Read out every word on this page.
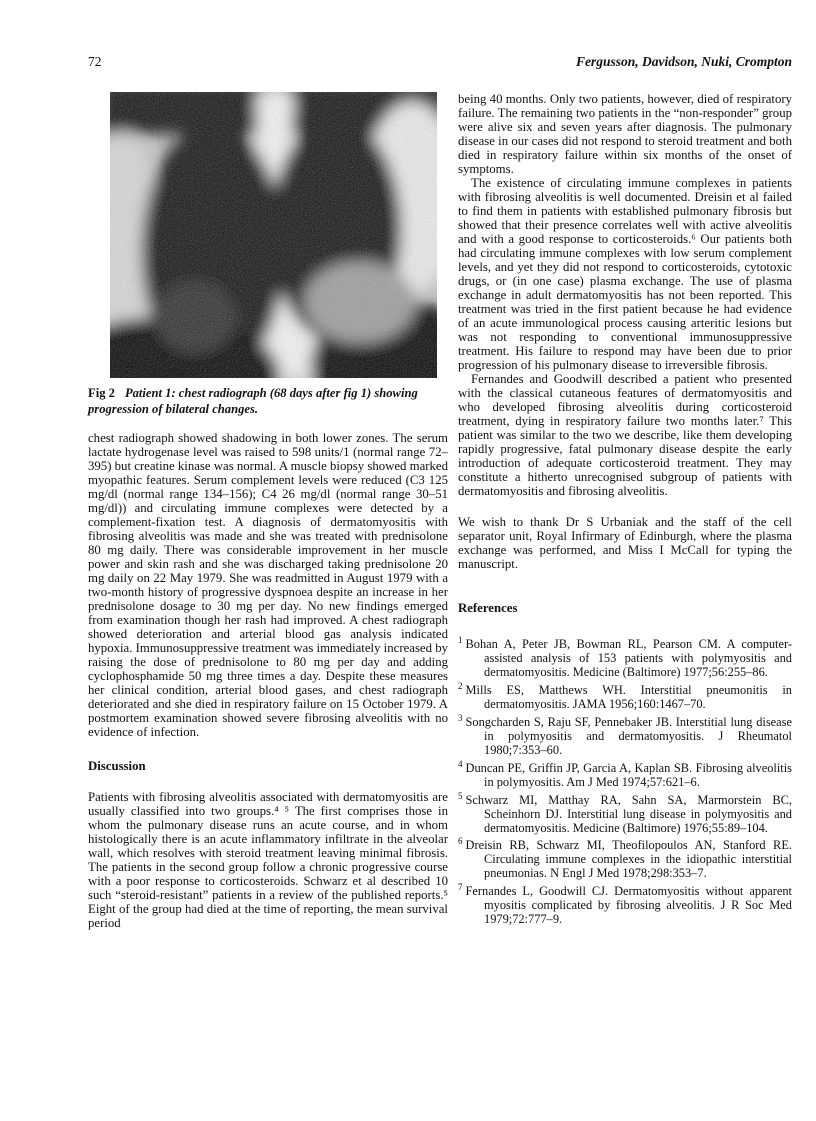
72	Fergusson, Davidson, Nuki, Crompton
Fig 2 Patient 1: chest radiograph (68 days after fig 1) showing progression of bilateral changes.

chest radiograph showed shadowing in both lower zones. The serum lactate hydrogenase level was raised to 598 units/1 (normal range 72–395) but creatine kinase was normal. A muscle biopsy showed marked myopathic features. Serum complement levels were reduced (C3 125 mg/dl (normal range 134–156); C4 26 mg/dl (normal range 30–51 mg/dl)) and circulating immune complexes were detected by a complement-fixation test. A diagnosis of dermatomyositis with fibrosing alveolitis was made and she was treated with prednisolone 80 mg daily. There was considerable improvement in her muscle power and skin rash and she was discharged taking prednisolone 20 mg daily on 22 May 1979. She was readmitted in August 1979 with a two-month history of progressive dyspnoea despite an increase in her prednisolone dosage to 30 mg per day. No new findings emerged from examination though her rash had improved. A chest radiograph showed deterioration and arterial blood gas analysis indicated hypoxia. Immunosuppressive treatment was immediately increased by raising the dose of prednisolone to 80 mg per day and adding cyclophosphamide 50 mg three times a day. Despite these measures her clinical condition, arterial blood gases, and chest radiograph deteriorated and she died in respiratory failure on 15 October 1979. A postmortem examination showed severe fibrosing alveolitis with no evidence of infection.

Discussion

Patients with fibrosing alveolitis associated with dermatomyositis are usually classified into two groups.⁴ ⁵ The first comprises those in whom the pulmonary disease runs an acute course, and in whom histologically there is an acute inflammatory infiltrate in the alveolar wall, which resolves with steroid treatment leaving minimal fibrosis. The patients in the second group follow a chronic progressive course with a poor response to corticosteroids. Schwarz et al described 10 such “steroid-resistant” patients in a review of the published reports.⁵ Eight of the group had died at the time of reporting, the mean survival period

being 40 months. Only two patients, however, died of respiratory failure. The remaining two patients in the “non-responder” group were alive six and seven years after diagnosis. The pulmonary disease in our cases did not respond to steroid treatment and both died in respiratory failure within six months of the onset of symptoms.

The existence of circulating immune complexes in patients with fibrosing alveolitis is well documented. Dreisin et al failed to find them in patients with established pulmonary fibrosis but showed that their presence correlates well with active alveolitis and with a good response to corticosteroids.⁶ Our patients both had circulating immune complexes with low serum complement levels, and yet they did not respond to corticosteroids, cytotoxic drugs, or (in one case) plasma exchange. The use of plasma exchange in adult dermatomyositis has not been reported. This treatment was tried in the first patient because he had evidence of an acute immunological process causing arteritic lesions but was not responding to conventional immunosuppressive treatment. His failure to respond may have been due to prior progression of his pulmonary disease to irreversible fibrosis.

Fernandes and Goodwill described a patient who presented with the classical cutaneous features of dermatomyositis and who developed fibrosing alveolitis during corticosteroid treatment, dying in respiratory failure two months later.⁷ This patient was similar to the two we describe, like them developing rapidly progressive, fatal pulmonary disease despite the early introduction of adequate corticosteroid treatment. They may constitute a hitherto unrecognised subgroup of patients with dermatomyositis and fibrosing alveolitis.

We wish to thank Dr S Urbaniak and the staff of the cell separator unit, Royal Infirmary of Edinburgh, where the plasma exchange was performed, and Miss I McCall for typing the manuscript.

References
$^1$ Bohan A, Peter JB, Bowman RL, Pearson CM. A computer-assisted analysis of 153 patients with polymyositis and dermatomyositis. Medicine (Baltimore) 1977;56:255–86.
$^2$ Mills ES, Matthews WH. Interstitial pneumonitis in dermatomyositis. JAMA 1956;160:1467–70.
$^3$ Songcharden S, Raju SF, Pennebaker JB. Interstitial lung disease in polymyositis and dermatomyositis. J Rheumatol 1980;7:353–60.
$^4$ Duncan PE, Griffin JP, Garcia A, Kaplan SB. Fibrosing alveolitis in polymyositis. Am J Med 1974;57:621–6.
$^5$ Schwarz MI, Matthay RA, Sahn SA, Marmorstein BC, Scheinhorn DJ. Interstitial lung disease in polymyositis and dermatomyositis. Medicine (Baltimore) 1976;55:89–104.
$^6$ Dreisin RB, Schwarz MI, Theofilopoulos AN, Stanford RE. Circulating immune complexes in the idiopathic interstitial pneumonias. N Engl J Med 1978;298:353–7.
$^7$ Fernandes L, Goodwill CJ. Dermatomyositis without apparent myositis complicated by fibrosing alveolitis. J R Soc Med 1979;72:777–9.
